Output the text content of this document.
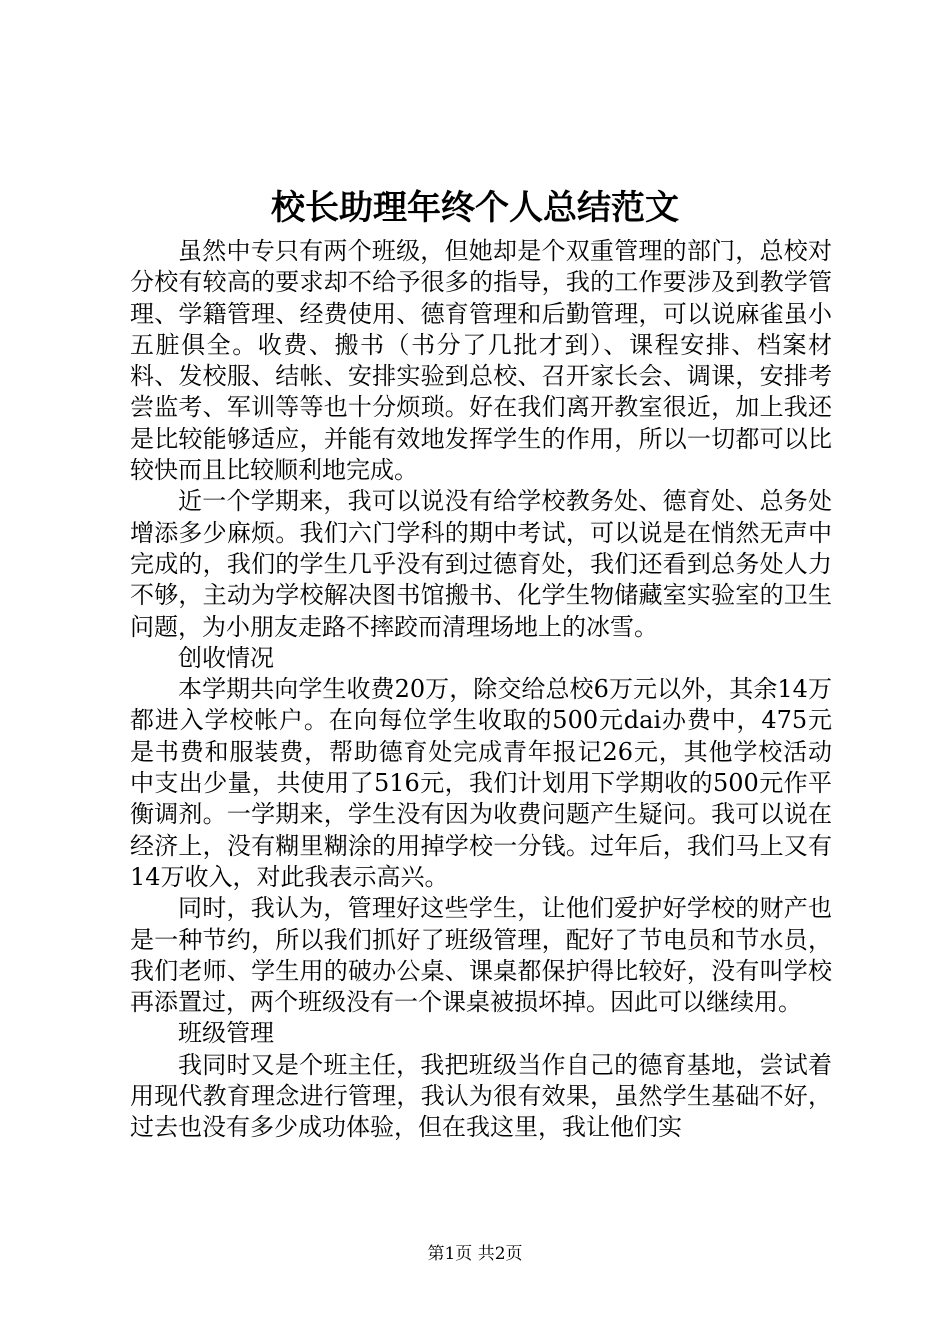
校长助理年终个人总结范文

虽然中专只有两个班级，但她却是个双重管理的部门，总校对分校有较高的要求却不给予很多的指导，我的工作要涉及到教学管理、学籍管理、经费使用、德育管理和后勤管理，可以说麻雀虽小五脏俱全。收费、搬书（书分了几批才到）、课程安排、档案材料、发校服、结帐、安排实验到总校、召开家长会、调课，安排考尝监考、军训等等也十分烦琐。好在我们离开教室很近，加上我还是比较能够适应，并能有效地发挥学生的作用，所以一切都可以比较快而且比较顺利地完成。

近一个学期来，我可以说没有给学校教务处、德育处、总务处增添多少麻烦。我们六门学科的期中考试，可以说是在悄然无声中完成的，我们的学生几乎没有到过德育处，我们还看到总务处人力不够，主动为学校解决图书馆搬书、化学生物储藏室实验室的卫生问题，为小朋友走路不摔跤而清理场地上的冰雪。

创收情况

本学期共向学生收费20万，除交给总校6万元以外，其余14万都进入学校帐户。在向每位学生收取的500元dai办费中，475元是书费和服装费，帮助德育处完成青年报记26元，其他学校活动中支出少量，共使用了516元，我们计划用下学期收的500元作平衡调剂。一学期来，学生没有因为收费问题产生疑问。我可以说在经济上，没有糊里糊涂的用掉学校一分钱。过年后，我们马上又有14万收入，对此我表示高兴。

同时，我认为，管理好这些学生，让他们爱护好学校的财产也是一种节约，所以我们抓好了班级管理，配好了节电员和节水员，我们老师、学生用的破办公桌、课桌都保护得比较好，没有叫学校再添置过，两个班级没有一个课桌被损坏掉。因此可以继续用。

班级管理

我同时又是个班主任，我把班级当作自己的德育基地，尝试着用现代教育理念进行管理，我认为很有效果，虽然学生基础不好，过去也没有多少成功体验，但在我这里，我让他们实

第1页 共2页
